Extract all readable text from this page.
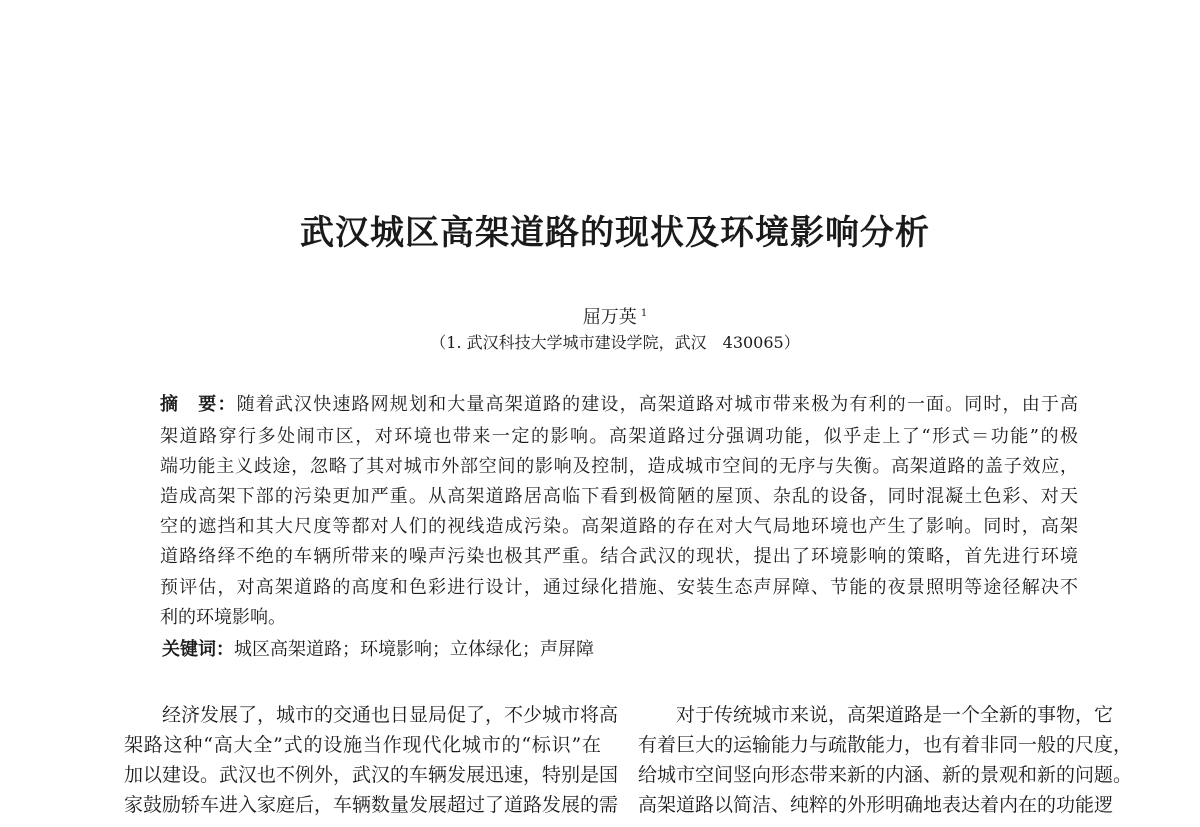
武汉城区高架道路的现状及环境影响分析
屈万英 $^1$
（1. 武汉科技大学城市建设学院，武汉　430065）
摘　要：随着武汉快速路网规划和大量高架道路的建设，高架道路对城市带来极为有利的一面。同时，由于高
架道路穿行多处闹市区，对环境也带来一定的影响。高架道路过分强调功能，似乎走上了“形式＝功能”的极
端功能主义歧途，忽略了其对城市外部空间的影响及控制，造成城市空间的无序与失衡。高架道路的盖子效应，
造成高架下部的污染更加严重。从高架道路居高临下看到极简陋的屋顶、杂乱的设备，同时混凝土色彩、对天
空的遮挡和其大尺度等都对人们的视线造成污染。高架道路的存在对大气局地环境也产生了影响。同时，高架
道路络绎不绝的车辆所带来的噪声污染也极其严重。结合武汉的现状，提出了环境影响的策略，首先进行环境
预评估，对高架道路的高度和色彩进行设计，通过绿化措施、安装生态声屏障、节能的夜景照明等途径解决不
利的环境影响。
关键词：城区高架道路；环境影响；立体绿化；声屏障
　　经济发展了，城市的交通也日显局促了，不少城市将高
架路这种“高大全”式的设施当作现代化城市的“标识”在
加以建设。武汉也不例外，武汉的车辆发展迅速，特别是国
家鼓励轿车进入家庭后，车辆数量发展超过了道路发展的需
　　对于传统城市来说，高架道路是一个全新的事物，它
有着巨大的运输能力与疏散能力，也有着非同一般的尺度，
给城市空间竖向形态带来新的内涵、新的景观和新的问题。
高架道路以简洁、纯粹的外形明确地表达着内在的功能逻
